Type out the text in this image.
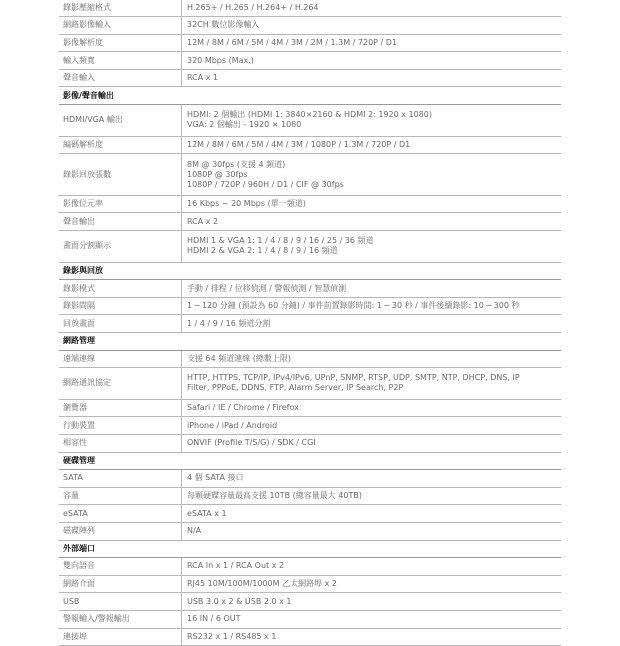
錄影壓縮格式	H.265+ / H.265 / H.264+ / H.264

網路影像輸入	32CH 數位影像輸入

影像解析度	12M / 8M / 6M / 5M / 4M / 3M / 2M / 1.3M / 720P / D1

輸入頻寬	320 Mbps (Max.)

聲音輸入	RCA x 1

影像/聲音輸出	
HDMI/VGA 輸出	HDMI: 2 個輸出 (HDMI 1: 3840×2160 & HDMI 2: 1920 x 1080)
VGA: 2 個輸出 - 1920 × 1080

編碼解析度	12M / 8M / 6M / 5M / 4M / 3M / 1080P / 1.3M / 720P / D1

錄影回放張數	8M @ 30fps (支援 4 頻道)
1080P @ 30fps
1080P / 720P / 960H / D1 / CIF @ 30fps

影像位元率	16 Kbps ~ 20 Mbps (單一頻道)

聲音輸出	RCA x 2

畫面分割顯示	HDMI 1 & VGA 1: 1 / 4 / 8 / 9 / 16 / 25 / 36 頻道
HDMI 2 & VGA 2: 1 / 4 / 8 / 9 / 16 頻道

錄影與回放	
錄影模式	手動 / 排程 / 位移偵測 / 警報偵測 / 智慧偵測

錄影間隔	1 ─ 120 分鐘 (預設為 60 分鐘) / 事件前置錄影時間: 1 ─ 30 秒 / 事件後續錄影: 10 ─ 300 秒

回放畫面	1 / 4 / 9 / 16 頻道分割

網路管理	
遠端連線	支援 64 頻道連線 (總數上限)

網路通訊協定	HTTP, HTTPS, TCP/IP, IPv4/IPv6, UPnP, SNMP, RTSP, UDP, SMTP, NTP, DHCP, DNS, IP
Filter, PPPoE, DDNS, FTP, Alarm Server, IP Search, P2P

瀏覽器	Safari / IE / Chrome / Firefox

行動裝置	iPhone / iPad / Android

相容性	ONVIF (Profile T/S/G) / SDK / CGI

硬碟管理	
SATA	4 個 SATA 接口

容量	每顆硬碟容量最高支援 10TB (總容量最大 40TB)

eSATA	eSATA x 1

磁碟陣列	N/A

外部端口	
雙向語音	RCA In x 1 / RCA Out x 2

網路介面	RJ45 10M/100M/1000M 乙太網路埠 x 2

USB	USB 3.0 x 2 & USB 2.0 x 1

警報輸入/警報輸出	16 IN / 6 OUT

連接埠	RS232 x 1 / RS485 x 1
